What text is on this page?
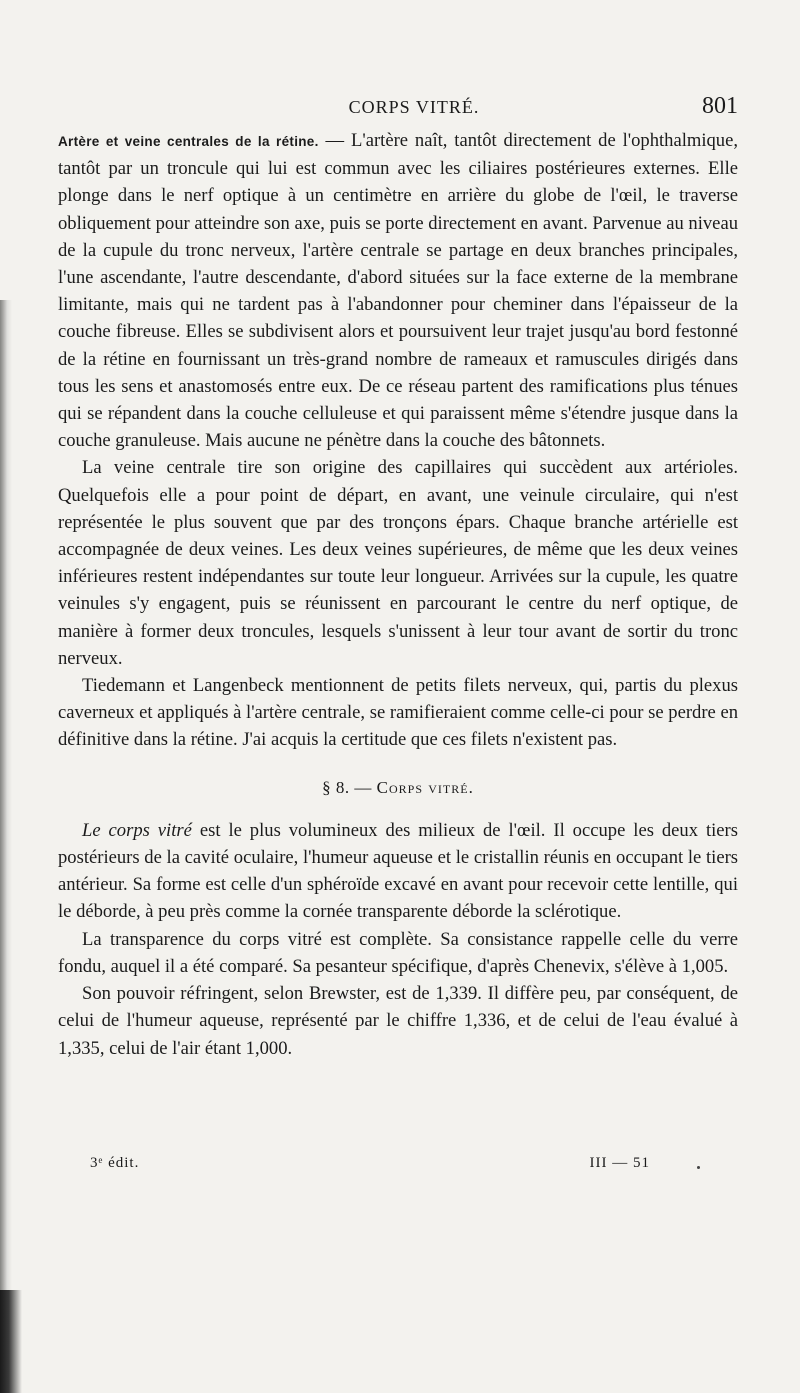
CORPS VITRÉ.	801

Artère et veine centrales de la rétine. — L'artère naît, tantôt directement de l'ophthalmique, tantôt par un troncule qui lui est commun avec les ciliaires postérieures externes. Elle plonge dans le nerf optique à un centimètre en arrière du globe de l'œil, le traverse obliquement pour atteindre son axe, puis se porte directement en avant. Parvenue au niveau de la cupule du tronc nerveux, l'artère centrale se partage en deux branches principales, l'une ascendante, l'autre descendante, d'abord situées sur la face externe de la membrane limitante, mais qui ne tardent pas à l'abandonner pour cheminer dans l'épaisseur de la couche fibreuse. Elles se subdivisent alors et poursuivent leur trajet jusqu'au bord festonné de la rétine en fournissant un très-grand nombre de rameaux et ramuscules dirigés dans tous les sens et anastomosés entre eux. De ce réseau partent des ramifications plus ténues qui se répandent dans la couche celluleuse et qui paraissent même s'étendre jusque dans la couche granuleuse. Mais aucune ne pénètre dans la couche des bâtonnets.

La veine centrale tire son origine des capillaires qui succèdent aux artérioles. Quelquefois elle a pour point de départ, en avant, une veinule circulaire, qui n'est représentée le plus souvent que par des tronçons épars. Chaque branche artérielle est accompagnée de deux veines. Les deux veines supérieures, de même que les deux veines inférieures restent indépendantes sur toute leur longueur. Arrivées sur la cupule, les quatre veinules s'y engagent, puis se réunissent en parcourant le centre du nerf optique, de manière à former deux troncules, lesquels s'unissent à leur tour avant de sortir du tronc nerveux.

Tiedemann et Langenbeck mentionnent de petits filets nerveux, qui, partis du plexus caverneux et appliqués à l'artère centrale, se ramifieraient comme celle-ci pour se perdre en définitive dans la rétine. J'ai acquis la certitude que ces filets n'existent pas.

§ 8. — Corps vitré.

Le corps vitré est le plus volumineux des milieux de l'œil. Il occupe les deux tiers postérieurs de la cavité oculaire, l'humeur aqueuse et le cristallin réunis en occupant le tiers antérieur. Sa forme est celle d'un sphéroïde excavé en avant pour recevoir cette lentille, qui le déborde, à peu près comme la cornée transparente déborde la sclérotique.

La transparence du corps vitré est complète. Sa consistance rappelle celle du verre fondu, auquel il a été comparé. Sa pesanteur spécifique, d'après Chenevix, s'élève à 1,005.

Son pouvoir réfringent, selon Brewster, est de 1,339. Il diffère peu, par conséquent, de celui de l'humeur aqueuse, représenté par le chiffre 1,336, et de celui de l'eau évalué à 1,335, celui de l'air étant 1,000.

3ᵉ édit.	III — 51
